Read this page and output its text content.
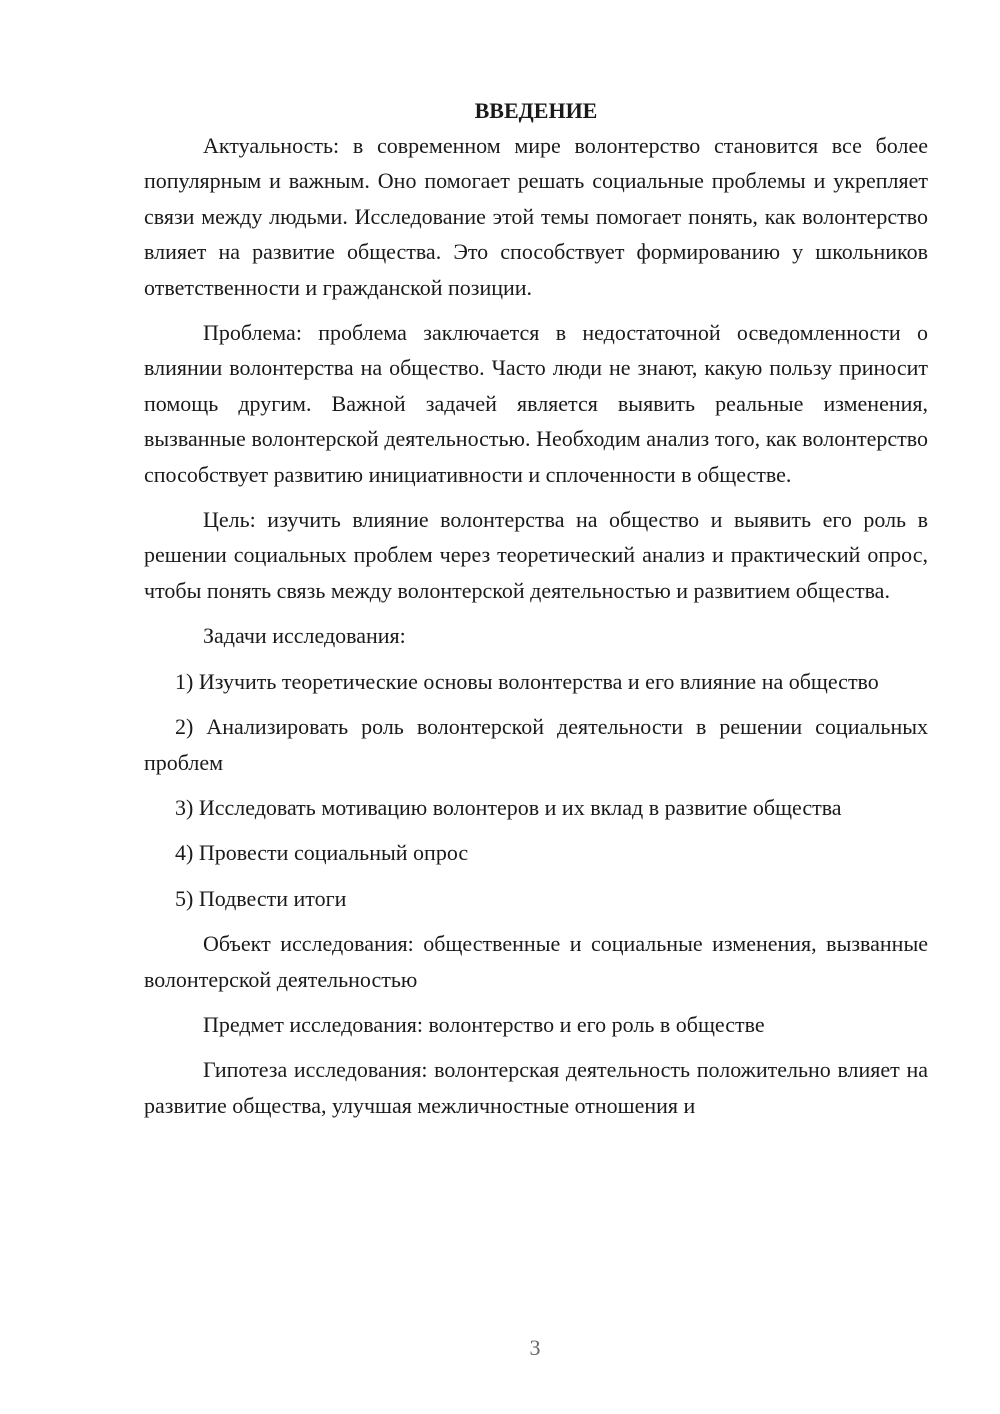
ВВЕДЕНИЕ

Актуальность: в современном мире волонтерство становится все более популярным и важным. Оно помогает решать социальные проблемы и укрепляет связи между людьми. Исследование этой темы помогает понять, как волонтерство влияет на развитие общества. Это способствует формированию у школьников ответственности и гражданской позиции.

Проблема: проблема заключается в недостаточной осведомленности о влиянии волонтерства на общество. Часто люди не знают, какую пользу приносит помощь другим. Важной задачей является выявить реальные изменения, вызванные волонтерской деятельностью. Необходим анализ того, как волонтерство способствует развитию инициативности и сплоченности в обществе.

Цель: изучить влияние волонтерства на общество и выявить его роль в решении социальных проблем через теоретический анализ и практический опрос, чтобы понять связь между волонтерской деятельностью и развитием общества.

Задачи исследования:

1) Изучить теоретические основы волонтерства и его влияние на общество

2) Анализировать роль волонтерской деятельности в решении социальных проблем

3) Исследовать мотивацию волонтеров и их вклад в развитие общества

4) Провести социальный опрос

5) Подвести итоги

Объект исследования: общественные и социальные изменения, вызванные волонтерской деятельностью

Предмет исследования: волонтерство и его роль в обществе

Гипотеза исследования: волонтерская деятельность положительно влияет на развитие общества, улучшая межличностные отношения и

3
